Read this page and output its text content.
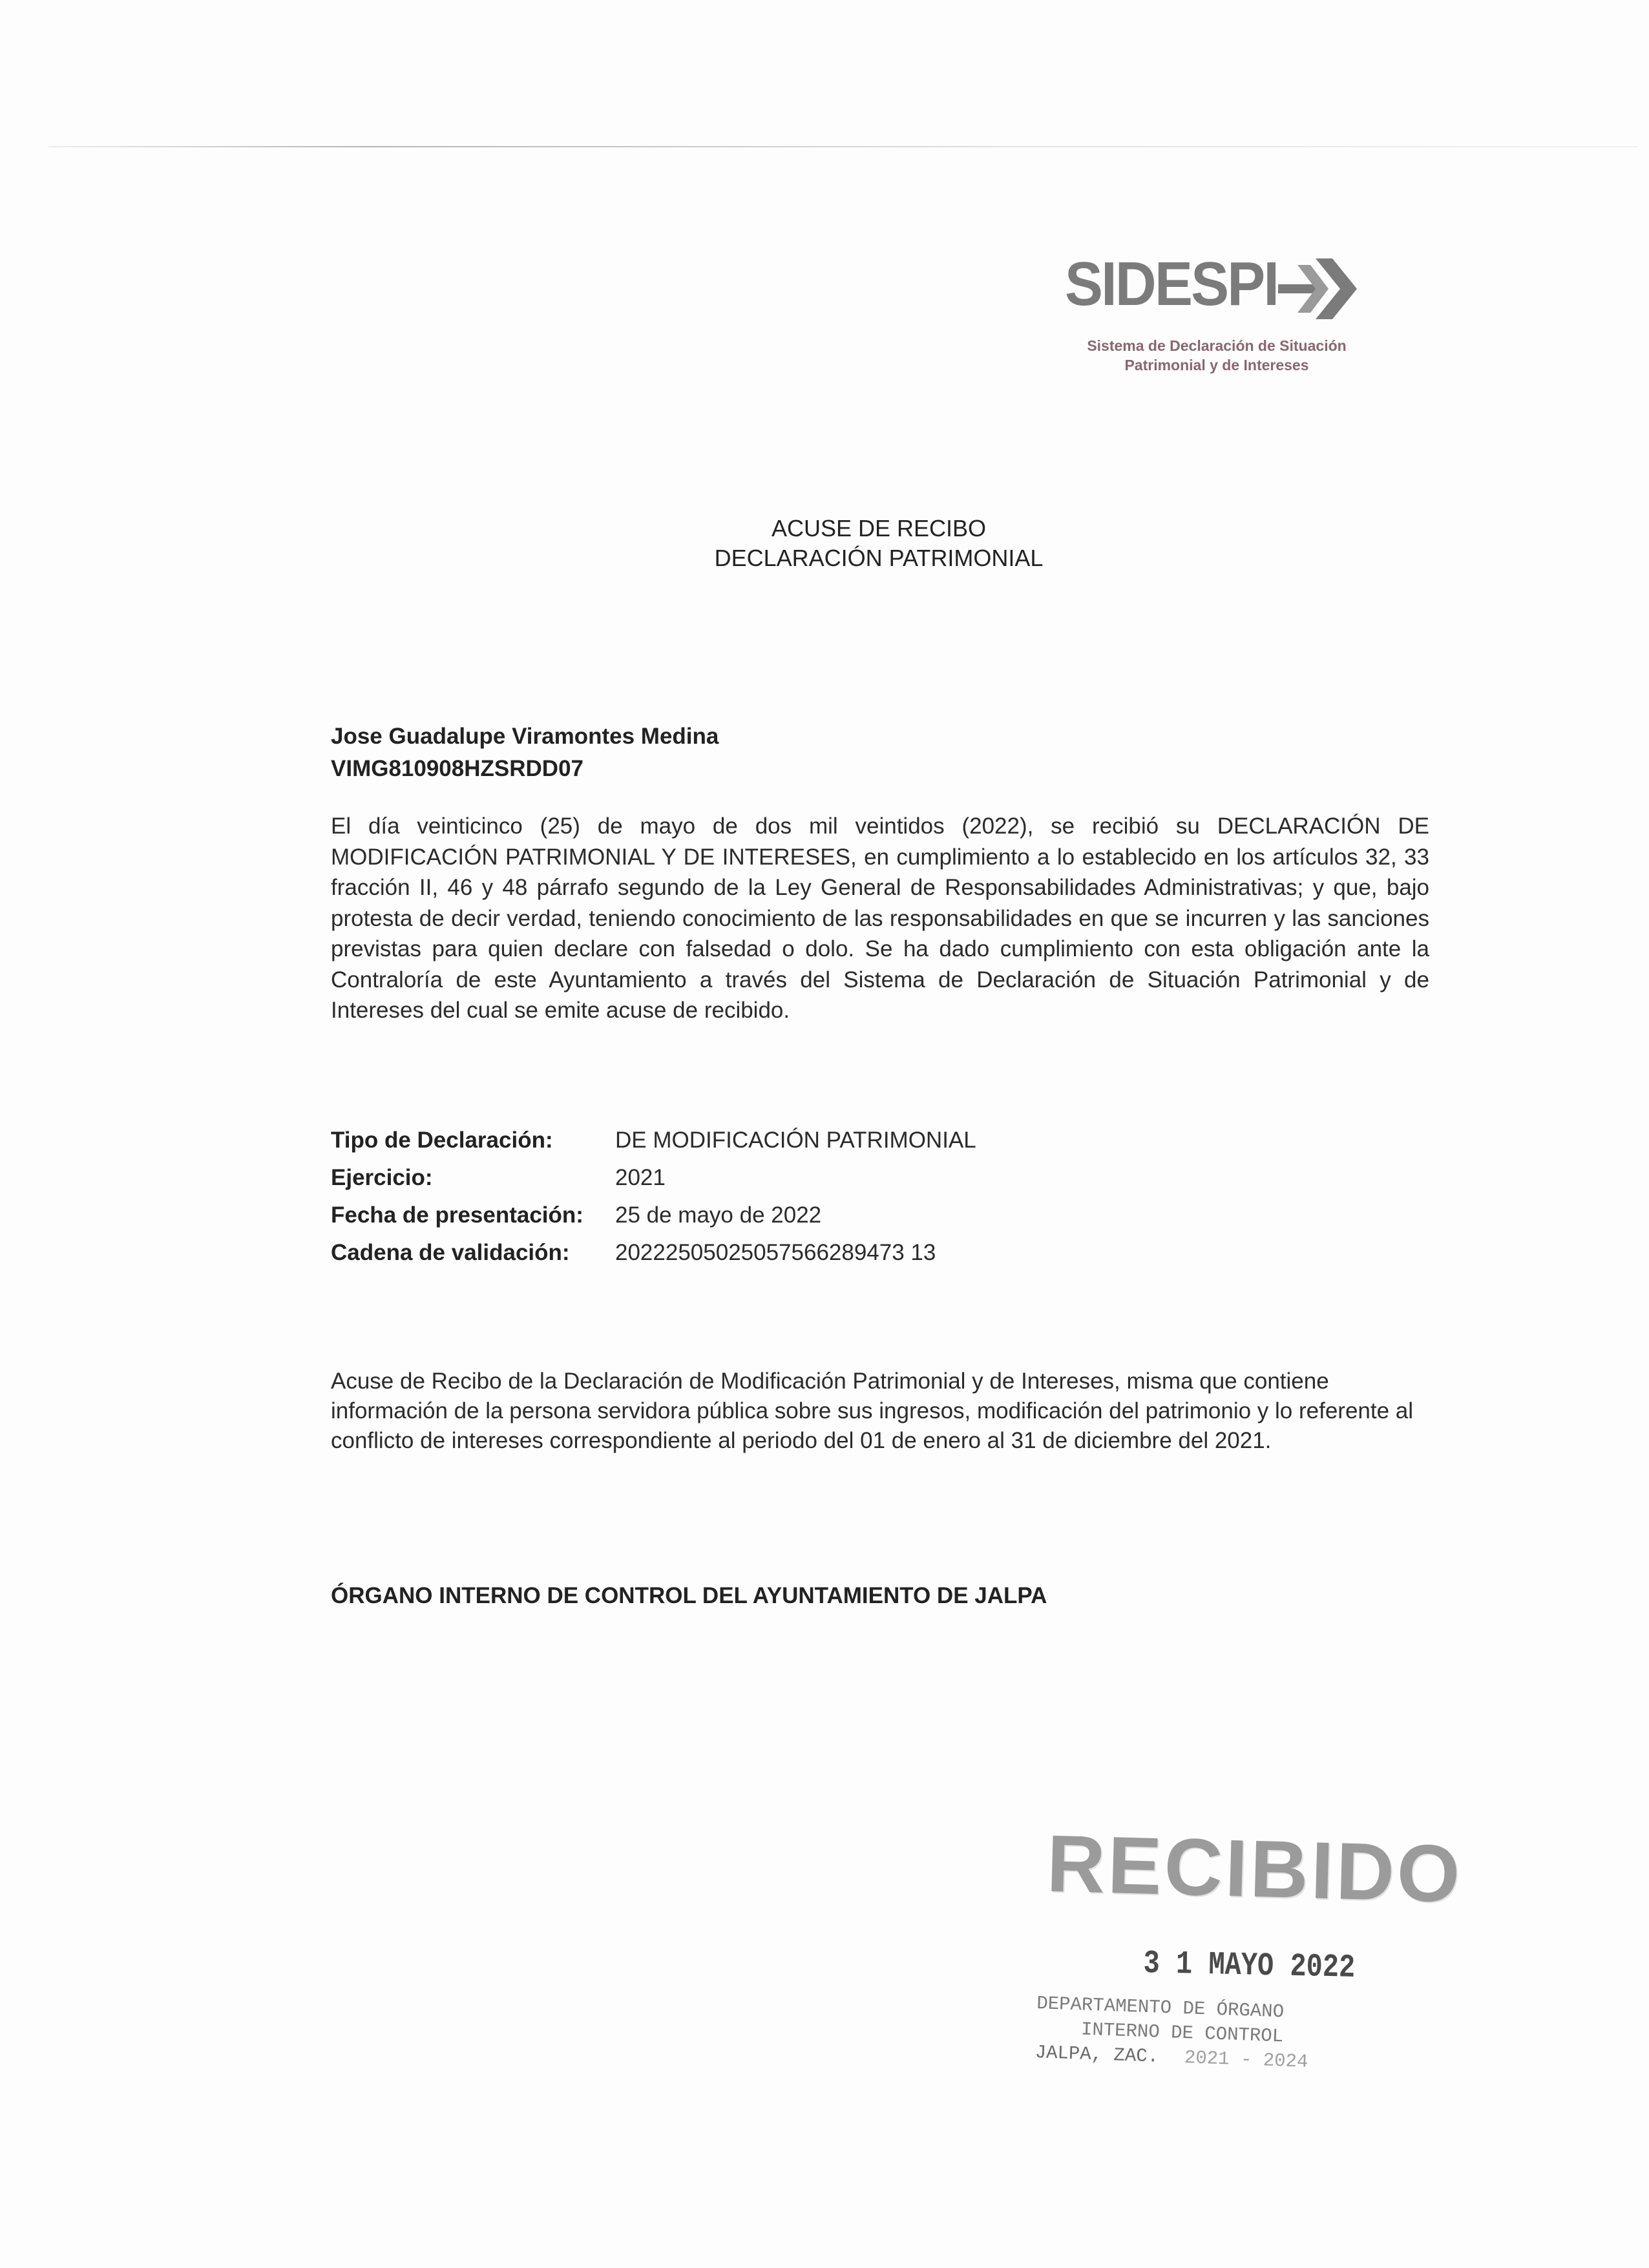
SIDESPI
Sistema de Declaración de Situación
Patrimonial y de Intereses
ACUSE DE RECIBO
DECLARACIÓN PATRIMONIAL
Jose Guadalupe Viramontes Medina
VIMG810908HZSRDD07

El día veinticinco (25) de mayo de dos mil veintidos (2022), se recibió su DECLARACIÓN DE MODIFICACIÓN PATRIMONIAL Y DE INTERESES, en cumplimiento a lo establecido en los artículos 32, 33 fracción II, 46 y 48 párrafo segundo de la Ley General de Responsabilidades Administrativas; y que, bajo protesta de decir verdad, teniendo conocimiento de las responsabilidades en que se incurren y las sanciones previstas para quien declare con falsedad o dolo. Se ha dado cumplimiento con esta obligación ante la Contraloría de este Ayuntamiento a través del Sistema de Declaración de Situación Patrimonial y de Intereses del cual se emite acuse de recibido.

Tipo de Declaración:	DE MODIFICACIÓN PATRIMONIAL
Ejercicio:	2021
Fecha de presentación:	25 de mayo de 2022
Cadena de validación:	20222505025057566289473 13

Acuse de Recibo de la Declaración de Modificación Patrimonial y de Intereses, misma que contiene información de la persona servidora pública sobre sus ingresos, modificación del patrimonio y lo referente al conflicto de intereses correspondiente al periodo del 01 de enero al 31 de diciembre del 2021.

ÓRGANO INTERNO DE CONTROL DEL AYUNTAMIENTO DE JALPA
RECIBIDO
3 1 MAYO 2022
DEPARTAMENTO DE ÓRGANO
INTERNO DE CONTROL
JALPA, ZAC. 2021 - 2024
